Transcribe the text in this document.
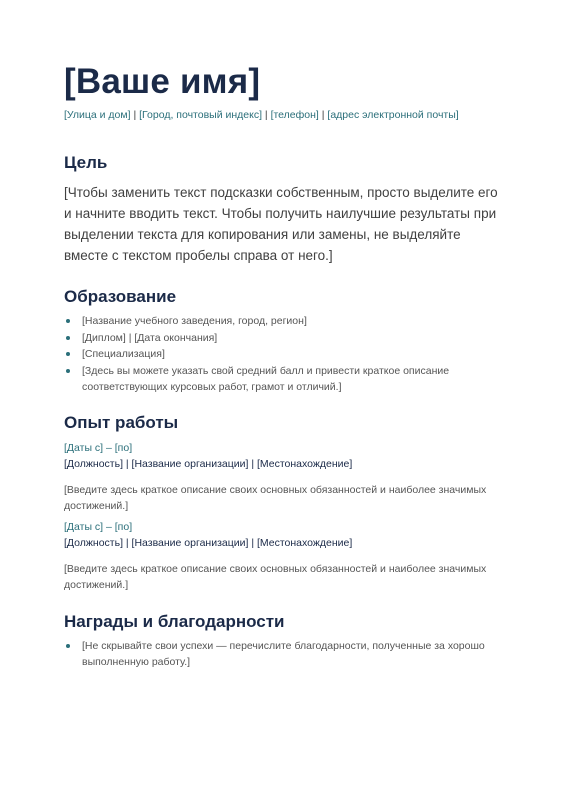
[Ваше имя]
[Улица и дом] | [Город, почтовый индекс] | [телефон] | [адрес электронной почты]
Цель
[Чтобы заменить текст подсказки собственным, просто выделите его и начните вводить текст. Чтобы получить наилучшие результаты при выделении текста для копирования или замены, не выделяйте вместе с текстом пробелы справа от него.]
Образование
[Название учебного заведения, город, регион]
[Диплом] | [Дата окончания]
[Специализация]
[Здесь вы можете указать свой средний балл и привести краткое описание соответствующих курсовых работ, грамот и отличий.]
Опыт работы
[Даты с] – [по]
[Должность] | [Название организации] | [Местонахождение]
[Введите здесь краткое описание своих основных обязанностей и наиболее значимых достижений.]
[Даты с] – [по]
[Должность] | [Название организации] | [Местонахождение]
[Введите здесь краткое описание своих основных обязанностей и наиболее значимых достижений.]
Награды и благодарности
[Не скрывайте свои успехи — перечислите благодарности, полученные за хорошо выполненную работу.]
